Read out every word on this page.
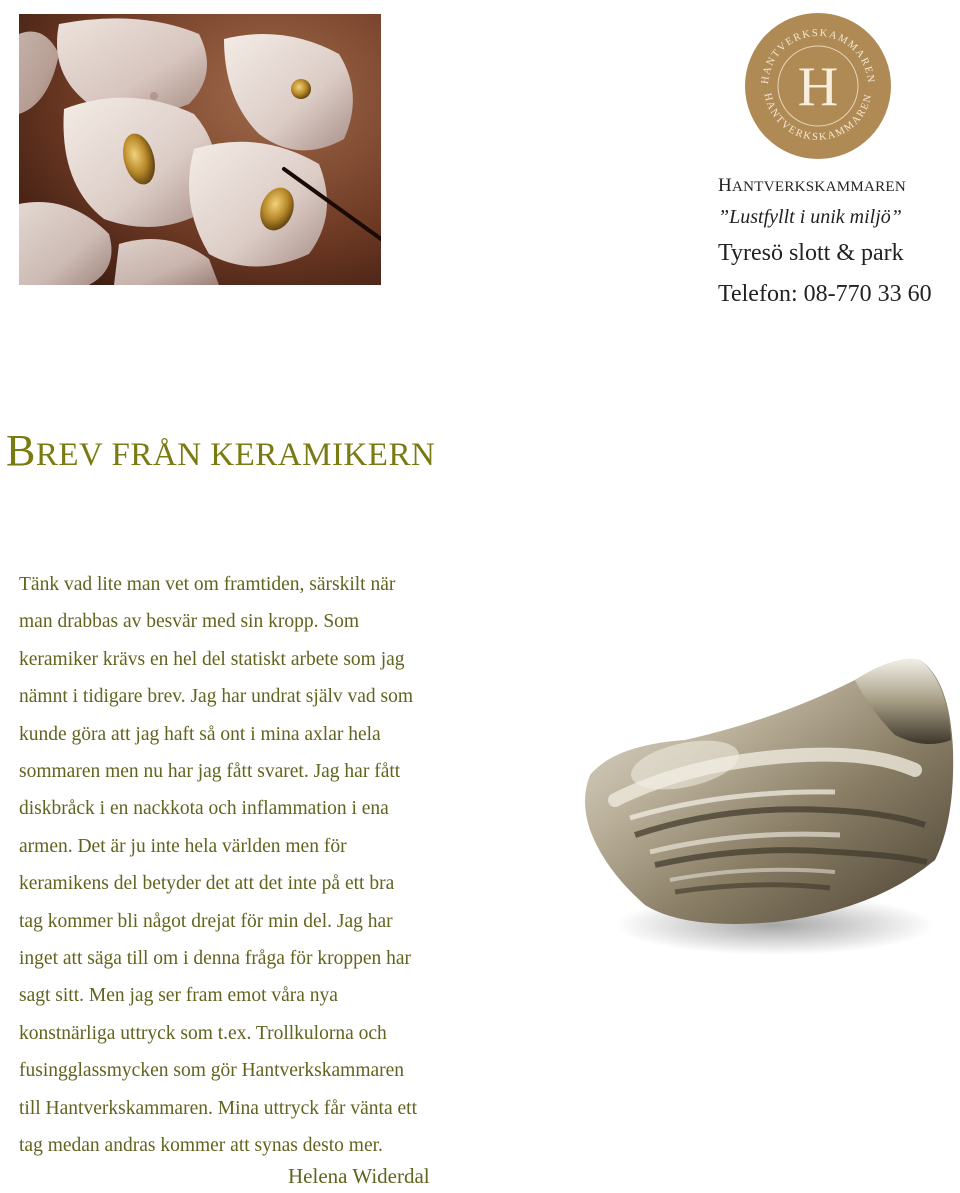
HANTVERKSKAMMAREN
HANTVERKSKAMMAREN
H
HANTVERKSKAMMAREN
”Lustfyllt i unik miljö”
Tyresö slott & park
Telefon: 08-770 33 60
BREV FRÅN KERAMIKERN

Tänk vad lite man vet om framtiden, särskilt när
man drabbas av besvär med sin kropp. Som
keramiker krävs en hel del statiskt arbete som jag
nämnt i tidigare brev. Jag har undrat själv vad som
kunde göra att jag haft så ont i mina axlar hela
sommaren men nu har jag fått svaret. Jag har fått
diskbråck i en nackkota och inflammation i ena
armen. Det är ju inte hela världen men för
keramikens del betyder det att det inte på ett bra
tag kommer bli något drejat för min del. Jag har
inget att säga till om i denna fråga för kroppen har
sagt sitt. Men jag ser fram emot våra nya
konstnärliga uttryck som t.ex. Trollkulorna och
fusingglassmycken som gör Hantverkskammaren
till Hantverkskammaren. Mina uttryck får vänta ett
tag medan andras kommer att synas desto mer.

Helena Widerdal
